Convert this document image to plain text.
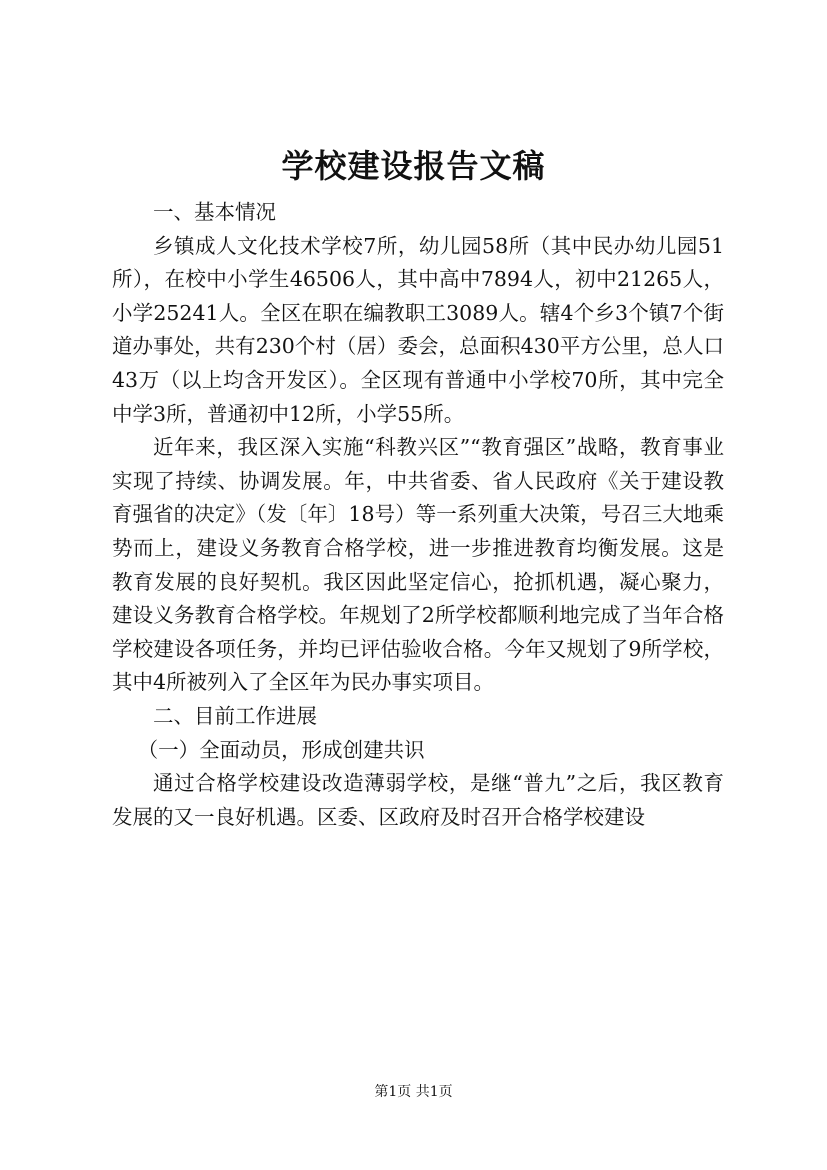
学校建设报告文稿

一、基本情况

乡镇成人文化技术学校7所，幼儿园58所（其中民办幼儿园51所），在校中小学生46506人，其中高中7894人，初中21265人，小学25241人。全区在职在编教职工3089人。辖4个乡3个镇7个街道办事处，共有230个村（居）委会，总面积430平方公里，总人口43万（以上均含开发区）。全区现有普通中小学校70所，其中完全中学3所，普通初中12所，小学55所。

近年来，我区深入实施“科教兴区”“教育强区”战略，教育事业实现了持续、协调发展。年，中共省委、省人民政府《关于建设教育强省的决定》（发〔年〕18号）等一系列重大决策，号召三大地乘势而上，建设义务教育合格学校，进一步推进教育均衡发展。这是教育发展的良好契机。我区因此坚定信心，抢抓机遇，凝心聚力，建设义务教育合格学校。年规划了2所学校都顺利地完成了当年合格学校建设各项任务，并均已评估验收合格。今年又规划了9所学校，其中4所被列入了全区年为民办事实项目。

二、目前工作进展

（一）全面动员，形成创建共识

通过合格学校建设改造薄弱学校，是继“普九”之后，我区教育发展的又一良好机遇。区委、区政府及时召开合格学校建设

第1页 共1页
